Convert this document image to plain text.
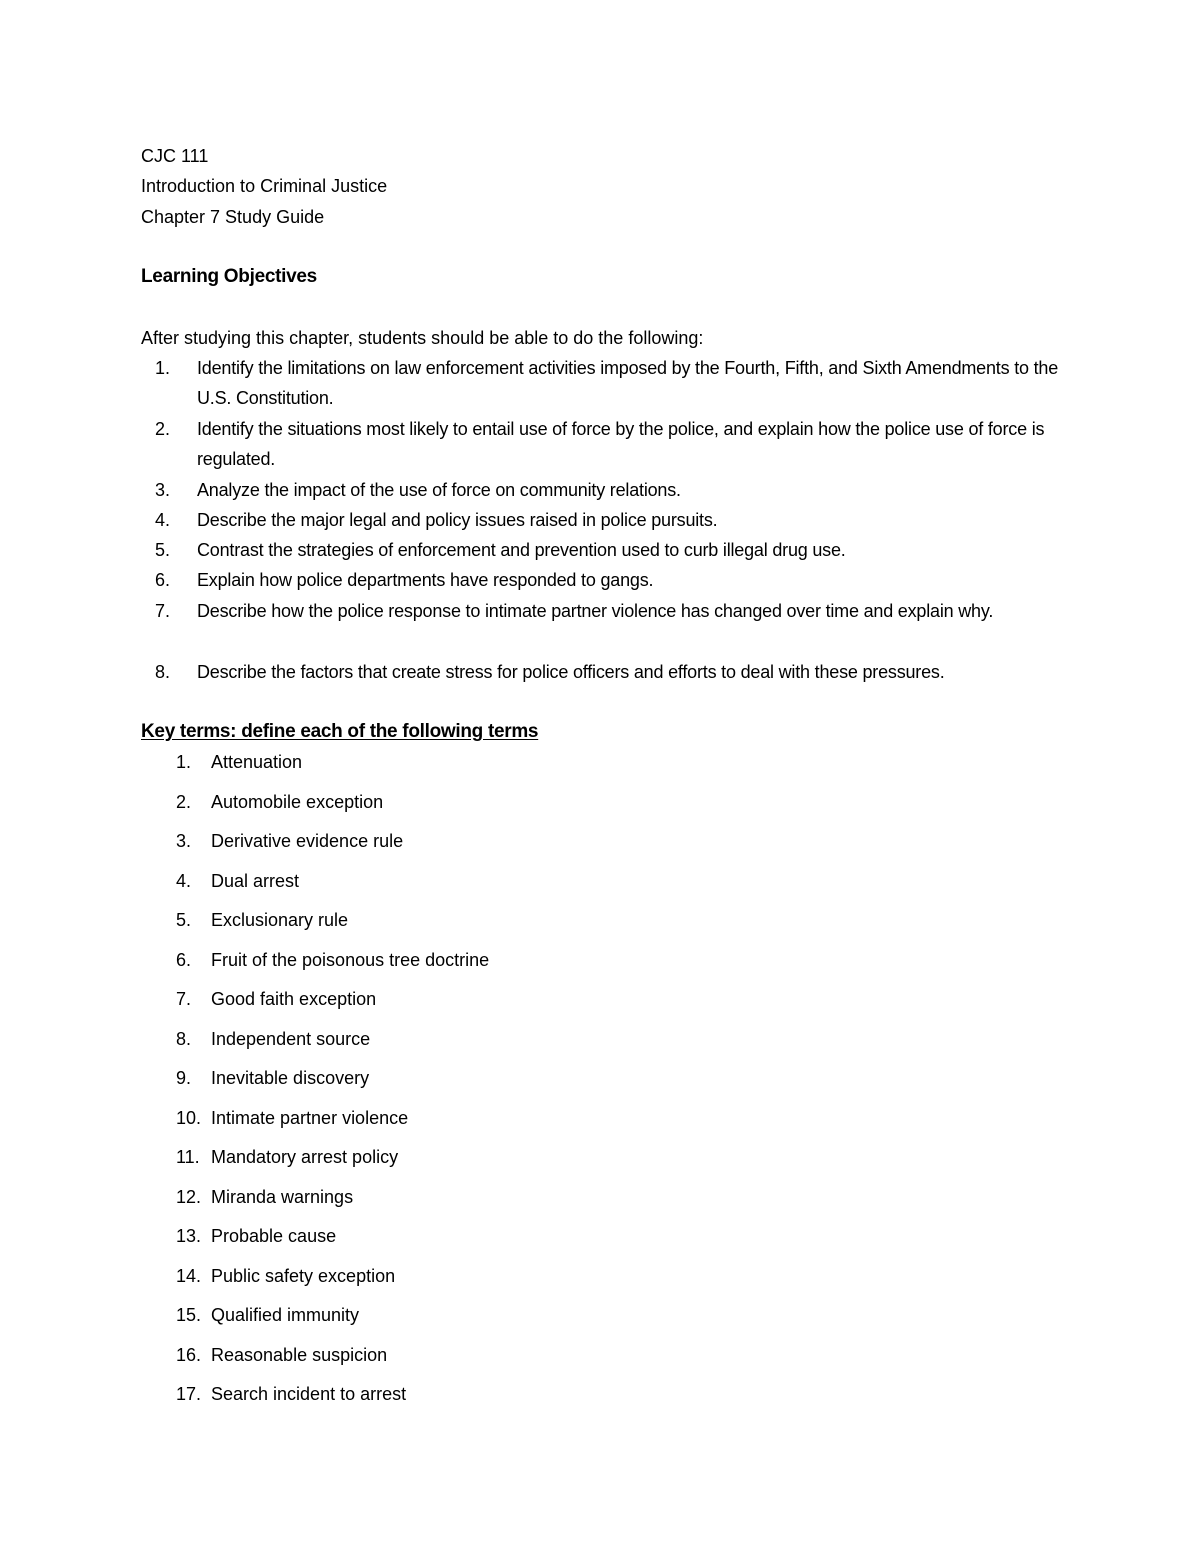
CJC 111
Introduction to Criminal Justice
Chapter 7 Study Guide
Learning Objectives
After studying this chapter, students should be able to do the following:
1.	Identify the limitations on law enforcement activities imposed by the Fourth, Fifth, and Sixth Amendments to the U.S. Constitution.
2.	Identify the situations most likely to entail use of force by the police, and explain how the police use of force is regulated.
3.	Analyze the impact of the use of force on community relations.
4.	Describe the major legal and policy issues raised in police pursuits.
5.	Contrast the strategies of enforcement and prevention used to curb illegal drug use.
6.	Explain how police departments have responded to gangs.
7.	Describe how the police response to intimate partner violence has changed over time and explain why.
8.	Describe the factors that create stress for police officers and efforts to deal with these pressures.
Key terms: define each of the following terms
1.	Attenuation
2.	Automobile exception
3.	Derivative evidence rule
4.	Dual arrest
5.	Exclusionary rule
6.	Fruit of the poisonous tree doctrine
7.	Good faith exception
8.	Independent source
9.	Inevitable discovery
10. Intimate partner violence
11. Mandatory arrest policy
12. Miranda warnings
13. Probable cause
14. Public safety exception
15. Qualified immunity
16. Reasonable suspicion
17. Search incident to arrest
